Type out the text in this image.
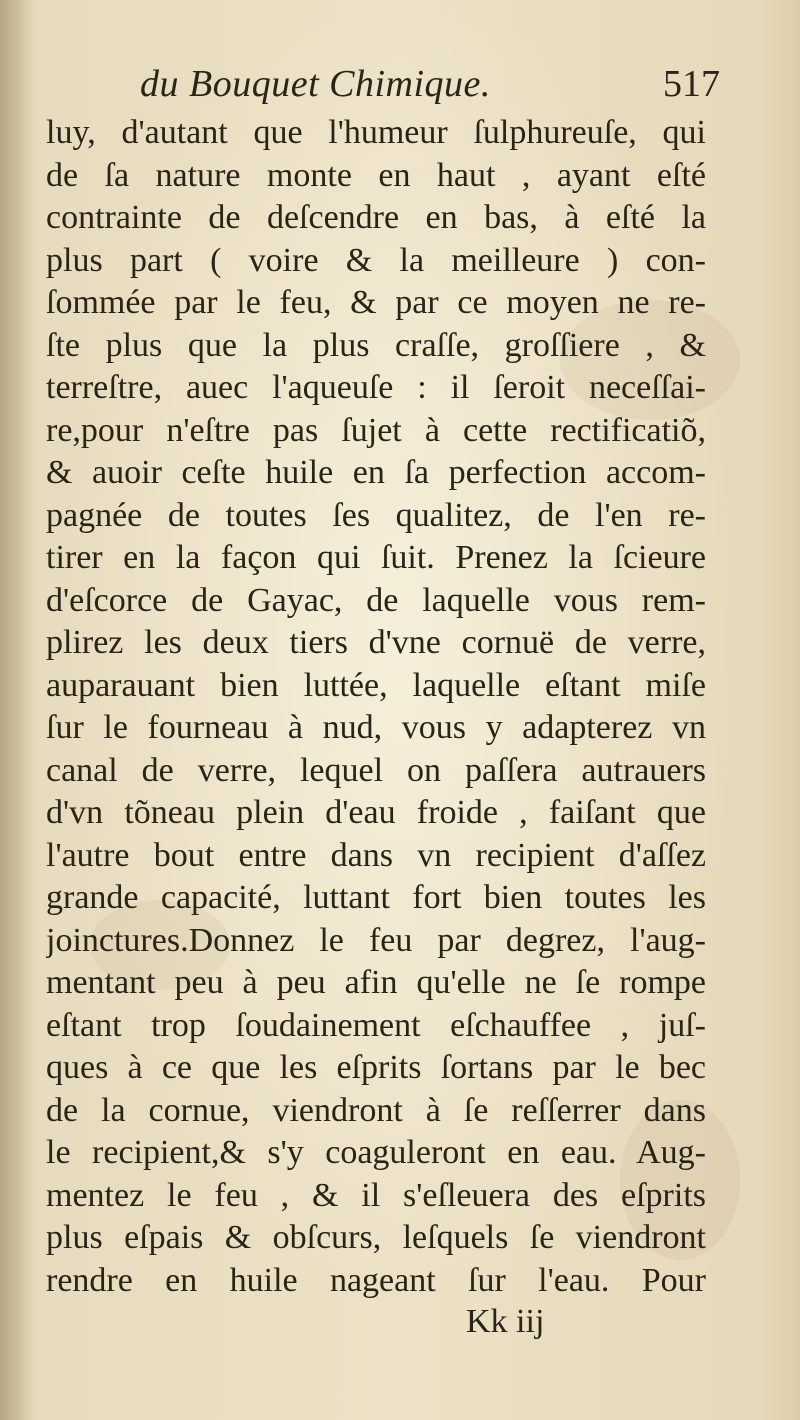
du Bouquet Chimique.	517
luy, d'autant que l'humeur ſulphureuſe, qui
de ſa nature monte en haut , ayant eſté
contrainte de deſcendre en bas, à eſté la
plus part ( voire & la meilleure ) con-
ſommée par le feu, & par ce moyen ne re-
ſte plus que la plus craſſe, groſſiere , &
terreſtre, auec l'aqueuſe : il ſeroit neceſſai-
re,pour n'eſtre pas ſujet à cette rectificatiõ,
& auoir ceſte huile en ſa perfection accom-
pagnée de toutes ſes qualitez, de l'en re-
tirer en la façon qui ſuit. Prenez la ſcieure
d'eſcorce de Gayac, de laquelle vous rem-
plirez les deux tiers d'vne cornuë de verre,
auparauant bien luttée, laquelle eſtant miſe
ſur le fourneau à nud, vous y adapterez vn
canal de verre, lequel on paſſera autrauers
d'vn tõneau plein d'eau froide , faiſant que
l'autre bout entre dans vn recipient d'aſſez
grande capacité, luttant fort bien toutes les
joinctures.Donnez le feu par degrez, l'aug-
mentant peu à peu afin qu'elle ne ſe rompe
eſtant trop ſoudainement eſchauffee , juſ-
ques à ce que les eſprits ſortans par le bec
de la cornue, viendront à ſe reſſerrer dans
le recipient,& s'y coaguleront en eau. Aug-
mentez le feu , & il s'eſleuera des eſprits
plus eſpais & obſcurs, leſquels ſe viendront
rendre en huile nageant ſur l'eau. Pour
Kk iij
